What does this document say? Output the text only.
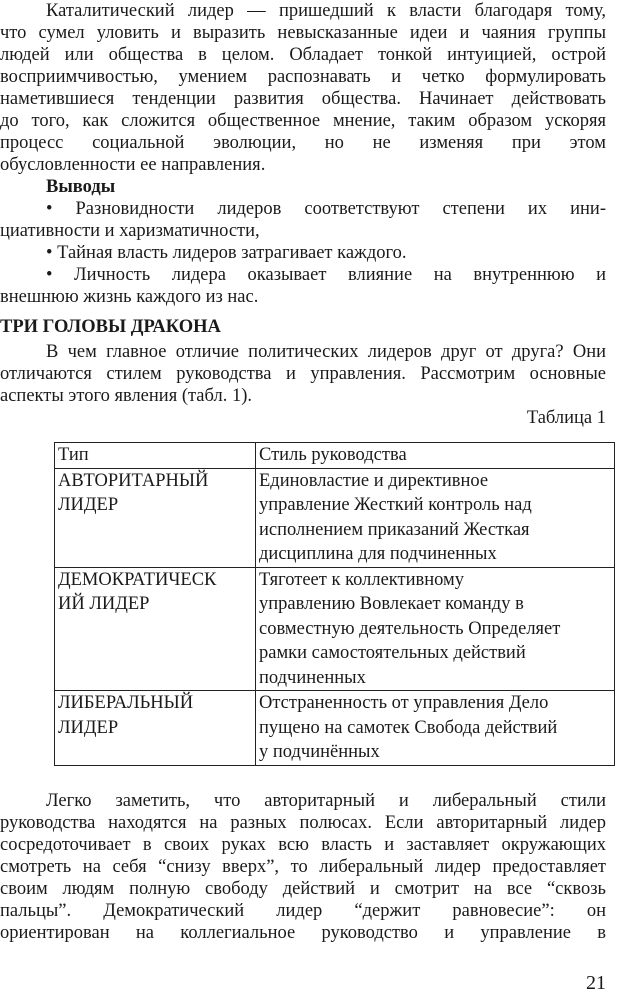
Каталитический лидер — пришедший к власти благодаря тому,
что сумел уловить и выразить невысказанные идеи и чаяния группы
людей или общества в целом. Обладает тонкой интуицией, острой
восприимчивостью, умением распознавать и четко формулировать
наметившиеся тенденции развития общества. Начинает действовать
до того, как сложится общественное мнение, таким образом ускоряя
процесс социальной эволюции, но не изменяя при этом
обусловленности ее направления.
Выводы
• Разновидности лидеров соответствуют степени их ини-
циативности и харизматичности,
• Тайная власть лидеров затрагивает каждого.
• Личность лидера оказывает влияние на внутреннюю и
внешнюю жизнь каждого из нас.
ТРИ ГОЛОВЫ ДРАКОНА
В чем главное отличие политических лидеров друг от друга? Они
отличаются стилем руководства и управления. Рассмотрим основные
аспекты этого явления (табл. 1).
Таблица 1
Тип	Стиль руководства

АВТОРИТАРНЫЙ
ЛИДЕР	Единовластие и директивное
управление Жесткий контроль над
исполнением приказаний Жесткая
дисциплина для подчиненных

ДЕМОКРАТИЧЕСК
ИЙ ЛИДЕР	Тяготеет к коллективному
управлению Вовлекает команду в
совместную деятельность Определяет
рамки самостоятельных действий
подчиненных

ЛИБЕРАЛЬНЫЙ
ЛИДЕР	Отстраненность от управления Дело
пущено на самотек Свобода действий
у подчинённых
Легко заметить, что авторитарный и либеральный стили
руководства находятся на разных полюсах. Если авторитарный лидер
сосредоточивает в своих руках всю власть и заставляет окружающих
смотреть на себя “снизу вверх”, то либеральный лидер предоставляет
своим людям полную свободу действий и смотрит на все “сквозь
пальцы”. Демократический лидер “держит равновесие”: он
ориентирован на коллегиальное руководство и управление в
21
